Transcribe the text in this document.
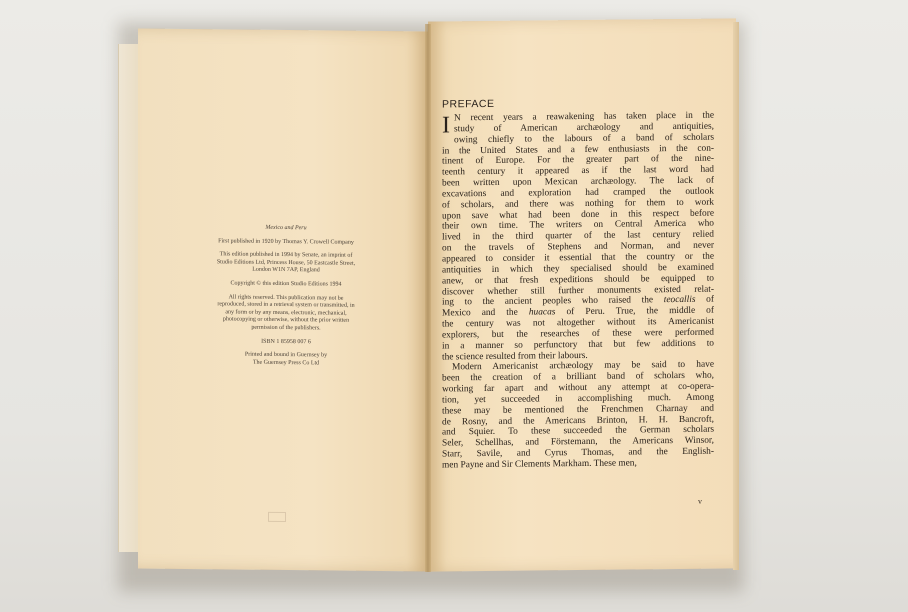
Mexico and Peru

First published in 1920 by Thomas Y. Crowell Company

This edition published in 1994 by Senate, an imprint of
Studio Editions Ltd, Princess House, 50 Eastcastle Street,
London W1N 7AP, England

Copyright © this edition Studio Editions 1994

All rights reserved. This publication may not be
reproduced, stored in a retrieval system or transmitted, in
any form or by any means, electronic, mechanical,
photocopying or otherwise, without the prior written
permission of the publishers.

ISBN 1 85958 007 6

Printed and bound in Guernsey by
The Guernsey Press Co Ltd

PREFACE
I N recent years a reawakening has taken place in the
study of American archæology and antiquities,
owing chiefly to the labours of a band of scholars
in the United States and a few enthusiasts in the con-
tinent of Europe. For the greater part of the nine-
teenth century it appeared as if the last word had
been written upon Mexican archæology. The lack of
excavations and exploration had cramped the outlook
of scholars, and there was nothing for them to work
upon save what had been done in this respect before
their own time. The writers on Central America who
lived in the third quarter of the last century relied
on the travels of Stephens and Norman, and never
appeared to consider it essential that the country or the
antiquities in which they specialised should be examined
anew, or that fresh expeditions should be equipped to
discover whether still further monuments existed relat-
ing to the ancient peoples who raised the teocallis of
Mexico and the huacas of Peru. True, the middle of
the century was not altogether without its Americanist
explorers, but the researches of these were performed
in a manner so perfunctory that but few additions to
the science resulted from their labours.
Modern Americanist archæology may be said to have
been the creation of a brilliant band of scholars who,
working far apart and without any attempt at co-opera-
tion, yet succeeded in accomplishing much. Among
these may be mentioned the Frenchmen Charnay and
de Rosny, and the Americans Brinton, H. H. Bancroft,
and Squier. To these succeeded the German scholars
Seler, Schellhas, and Förstemann, the Americans Winsor,
Starr, Savile, and Cyrus Thomas, and the English-
men Payne and Sir Clements Markham. These men,
v
